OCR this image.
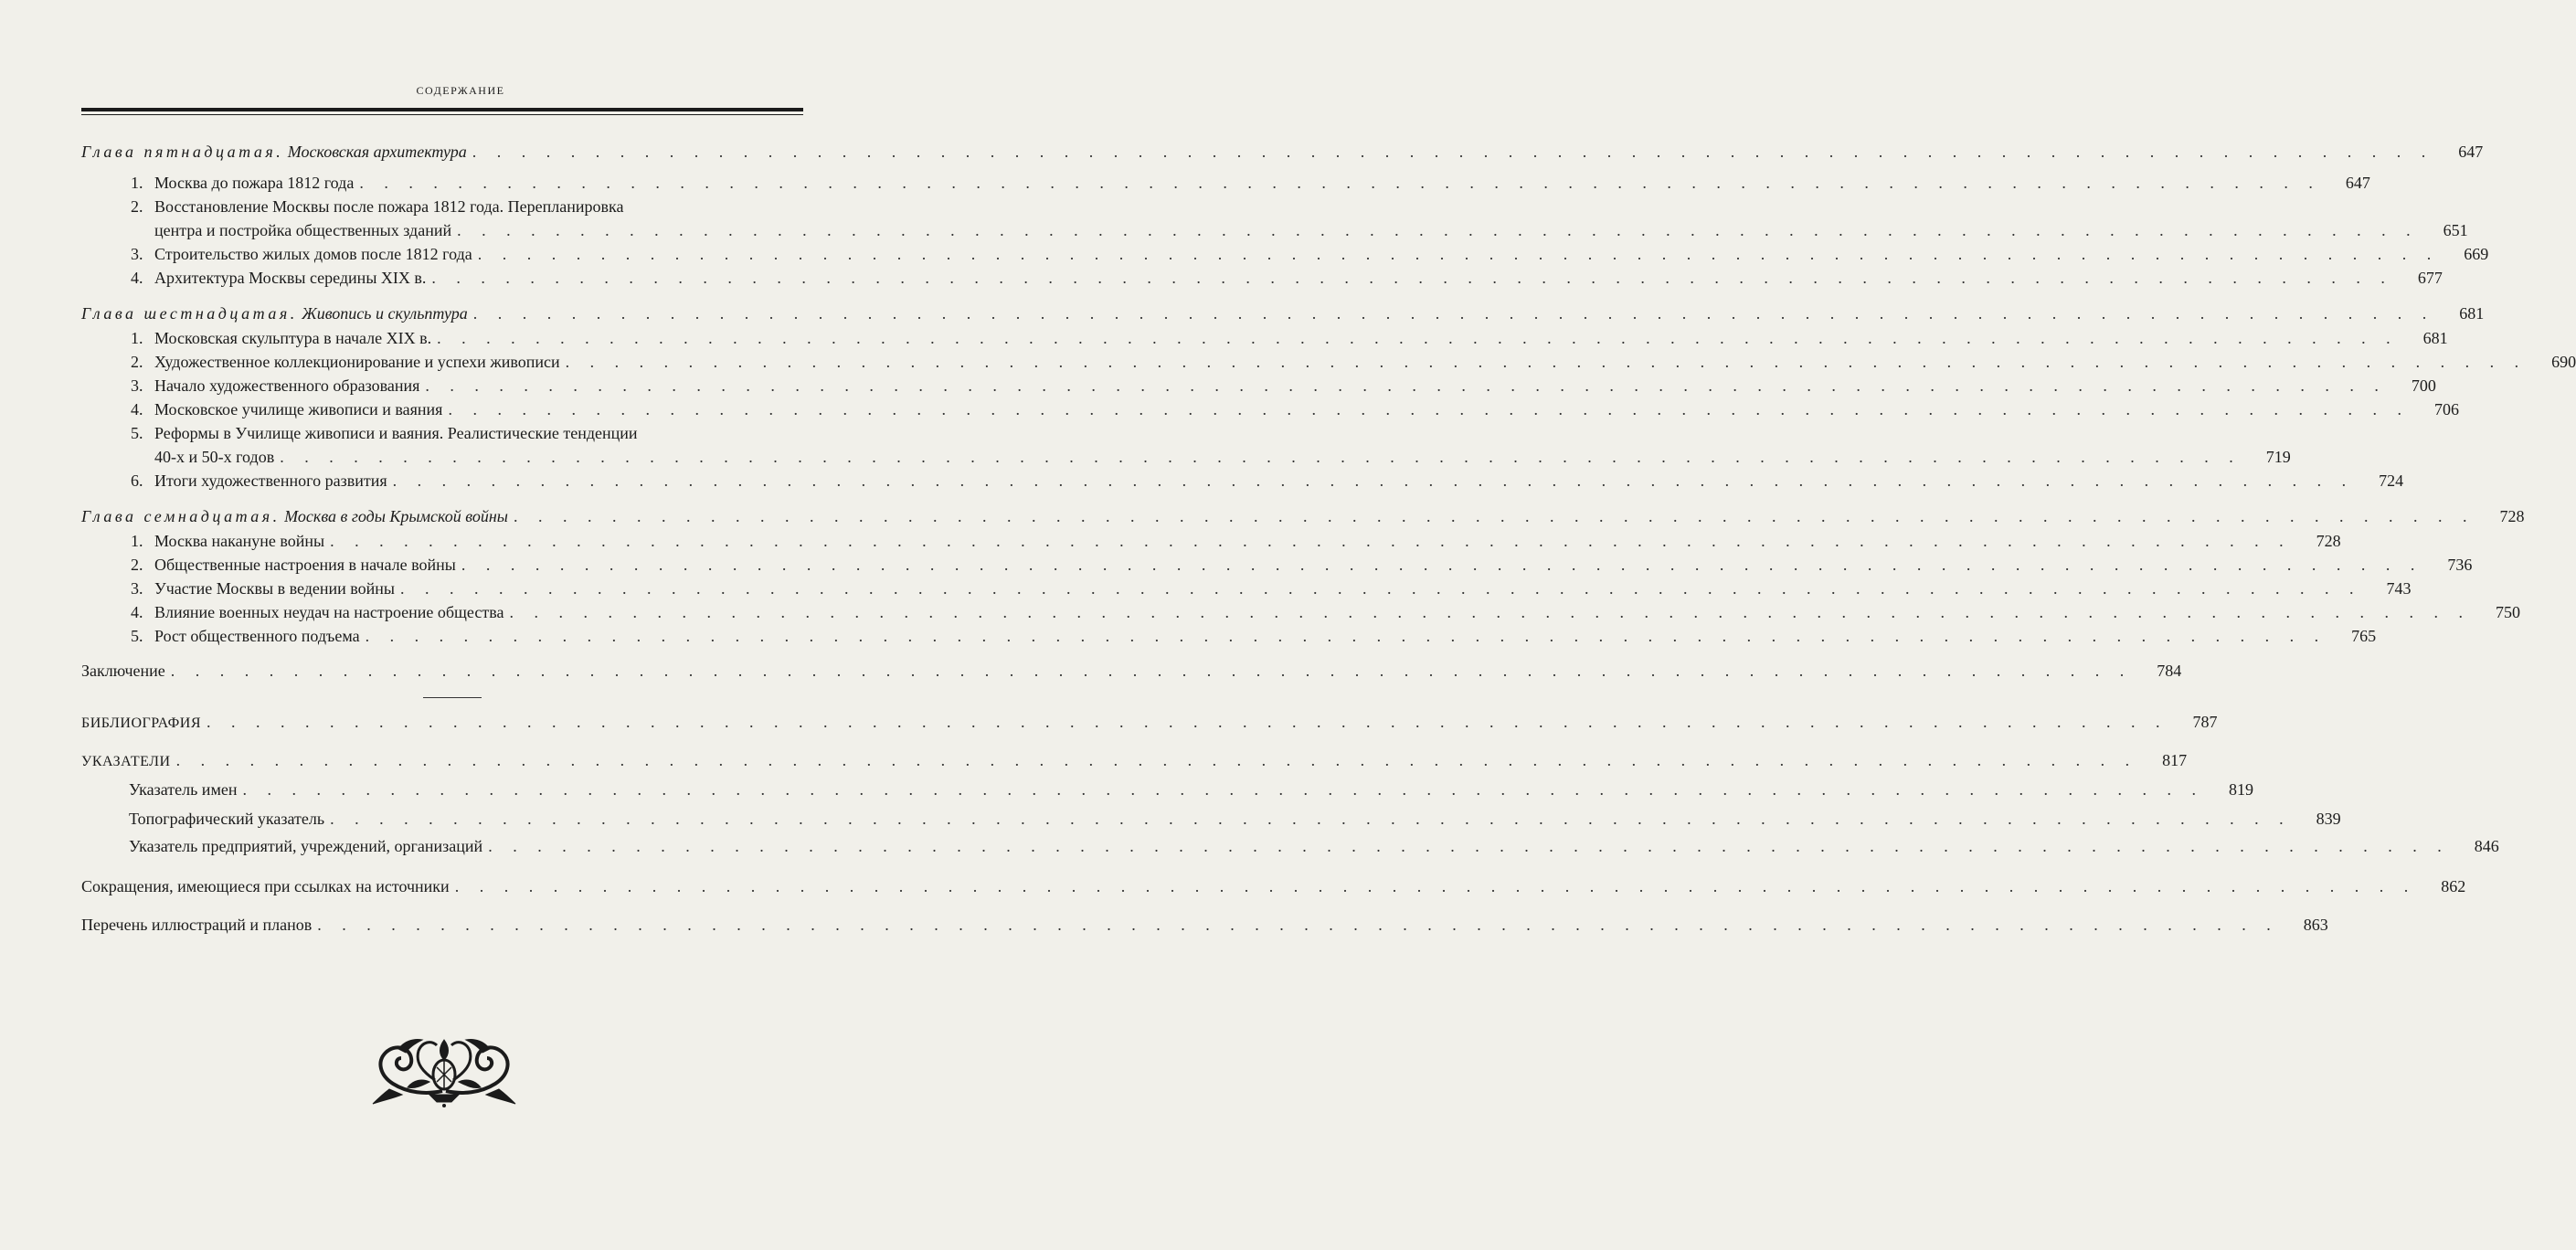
СОДЕРЖАНИЕ
Глава пятнадцатая. Московская архитектура . . . . . . . . . . . . . . . . . . . . . . . . . . . . . . . . . . . . . . . . . . . . . . . . . . . . . . . . . . . . . . . . . . . . . . . . . . . . . . . .	647
1. Москва до пожара 1812 года . . . . . . . . . . . . . . . . . . . . . . . . . . . . . . . . . . . . . . . . . . . . . . . . . . . . . . . . . . . . . . . . . . . . . . . . . . . . . . . .	647
2. Восстановление Москвы после пожара 1812 года. Перепланировка
центра и постройка общественных зданий . . . . . . . . . . . . . . . . . . . . . . . . . . . . . . . . . . . . . . . . . . . . . . . . . . . . . . . . . . . . . . . . . . . . . . . . . . . . . . . .	651
3. Строительство жилых домов после 1812 года . . . . . . . . . . . . . . . . . . . . . . . . . . . . . . . . . . . . . . . . . . . . . . . . . . . . . . . . . . . . . . . . . . . . . . . . . . . . . . . .	669
4. Архитектура Москвы середины XIX в. . . . . . . . . . . . . . . . . . . . . . . . . . . . . . . . . . . . . . . . . . . . . . . . . . . . . . . . . . . . . . . . . . . . . . . . . . . . . . . . .	677
Глава шестнадцатая. Живопись и скульптура . . . . . . . . . . . . . . . . . . . . . . . . . . . . . . . . . . . . . . . . . . . . . . . . . . . . . . . . . . . . . . . . . . . . . . . . . . . . . . . .	681
1. Московская скульптура в начале XIX в. . . . . . . . . . . . . . . . . . . . . . . . . . . . . . . . . . . . . . . . . . . . . . . . . . . . . . . . . . . . . . . . . . . . . . . . . . . . . . . . .	681
2. Художественное коллекционирование и успехи живописи . . . . . . . . . . . . . . . . . . . . . . . . . . . . . . . . . . . . . . . . . . . . . . . . . . . . . . . . . . . . . . . . . . . . . . . . . . . . . . . .	690
3. Начало художественного образования . . . . . . . . . . . . . . . . . . . . . . . . . . . . . . . . . . . . . . . . . . . . . . . . . . . . . . . . . . . . . . . . . . . . . . . . . . . . . . . .	700
4. Московское училище живописи и ваяния . . . . . . . . . . . . . . . . . . . . . . . . . . . . . . . . . . . . . . . . . . . . . . . . . . . . . . . . . . . . . . . . . . . . . . . . . . . . . . . .	706
5. Реформы в Училище живописи и ваяния. Реалистические тенденции
40-х и 50-х годов . . . . . . . . . . . . . . . . . . . . . . . . . . . . . . . . . . . . . . . . . . . . . . . . . . . . . . . . . . . . . . . . . . . . . . . . . . . . . . . .	719
6. Итоги художественного развития . . . . . . . . . . . . . . . . . . . . . . . . . . . . . . . . . . . . . . . . . . . . . . . . . . . . . . . . . . . . . . . . . . . . . . . . . . . . . . . .	724
Глава семнадцатая. Москва в годы Крымской войны . . . . . . . . . . . . . . . . . . . . . . . . . . . . . . . . . . . . . . . . . . . . . . . . . . . . . . . . . . . . . . . . . . . . . . . . . . . . . . . .	728
1. Москва накануне войны . . . . . . . . . . . . . . . . . . . . . . . . . . . . . . . . . . . . . . . . . . . . . . . . . . . . . . . . . . . . . . . . . . . . . . . . . . . . . . . .	728
2. Общественные настроения в начале войны . . . . . . . . . . . . . . . . . . . . . . . . . . . . . . . . . . . . . . . . . . . . . . . . . . . . . . . . . . . . . . . . . . . . . . . . . . . . . . . .	736
3. Участие Москвы в ведении войны . . . . . . . . . . . . . . . . . . . . . . . . . . . . . . . . . . . . . . . . . . . . . . . . . . . . . . . . . . . . . . . . . . . . . . . . . . . . . . . .	743
4. Влияние военных неудач на настроение общества . . . . . . . . . . . . . . . . . . . . . . . . . . . . . . . . . . . . . . . . . . . . . . . . . . . . . . . . . . . . . . . . . . . . . . . . . . . . . . . .	750
5. Рост общественного подъема . . . . . . . . . . . . . . . . . . . . . . . . . . . . . . . . . . . . . . . . . . . . . . . . . . . . . . . . . . . . . . . . . . . . . . . . . . . . . . . .	765
Заключение . . . . . . . . . . . . . . . . . . . . . . . . . . . . . . . . . . . . . . . . . . . . . . . . . . . . . . . . . . . . . . . . . . . . . . . . . . . . . . . .	784
БИБЛИОГРАФИЯ . . . . . . . . . . . . . . . . . . . . . . . . . . . . . . . . . . . . . . . . . . . . . . . . . . . . . . . . . . . . . . . . . . . . . . . . . . . . . . . .	787
УКАЗАТЕЛИ . . . . . . . . . . . . . . . . . . . . . . . . . . . . . . . . . . . . . . . . . . . . . . . . . . . . . . . . . . . . . . . . . . . . . . . . . . . . . . . .	817
Указатель имен . . . . . . . . . . . . . . . . . . . . . . . . . . . . . . . . . . . . . . . . . . . . . . . . . . . . . . . . . . . . . . . . . . . . . . . . . . . . . . . .	819
Топографический указатель . . . . . . . . . . . . . . . . . . . . . . . . . . . . . . . . . . . . . . . . . . . . . . . . . . . . . . . . . . . . . . . . . . . . . . . . . . . . . . . .	839
Указатель предприятий, учреждений, организаций . . . . . . . . . . . . . . . . . . . . . . . . . . . . . . . . . . . . . . . . . . . . . . . . . . . . . . . . . . . . . . . . . . . . . . . . . . . . . . . .	846
Сокращения, имеющиеся при ссылках на источники . . . . . . . . . . . . . . . . . . . . . . . . . . . . . . . . . . . . . . . . . . . . . . . . . . . . . . . . . . . . . . . . . . . . . . . . . . . . . . . .	862
Перечень иллюстраций и планов . . . . . . . . . . . . . . . . . . . . . . . . . . . . . . . . . . . . . . . . . . . . . . . . . . . . . . . . . . . . . . . . . . . . . . . . . . . . . . . .	863
